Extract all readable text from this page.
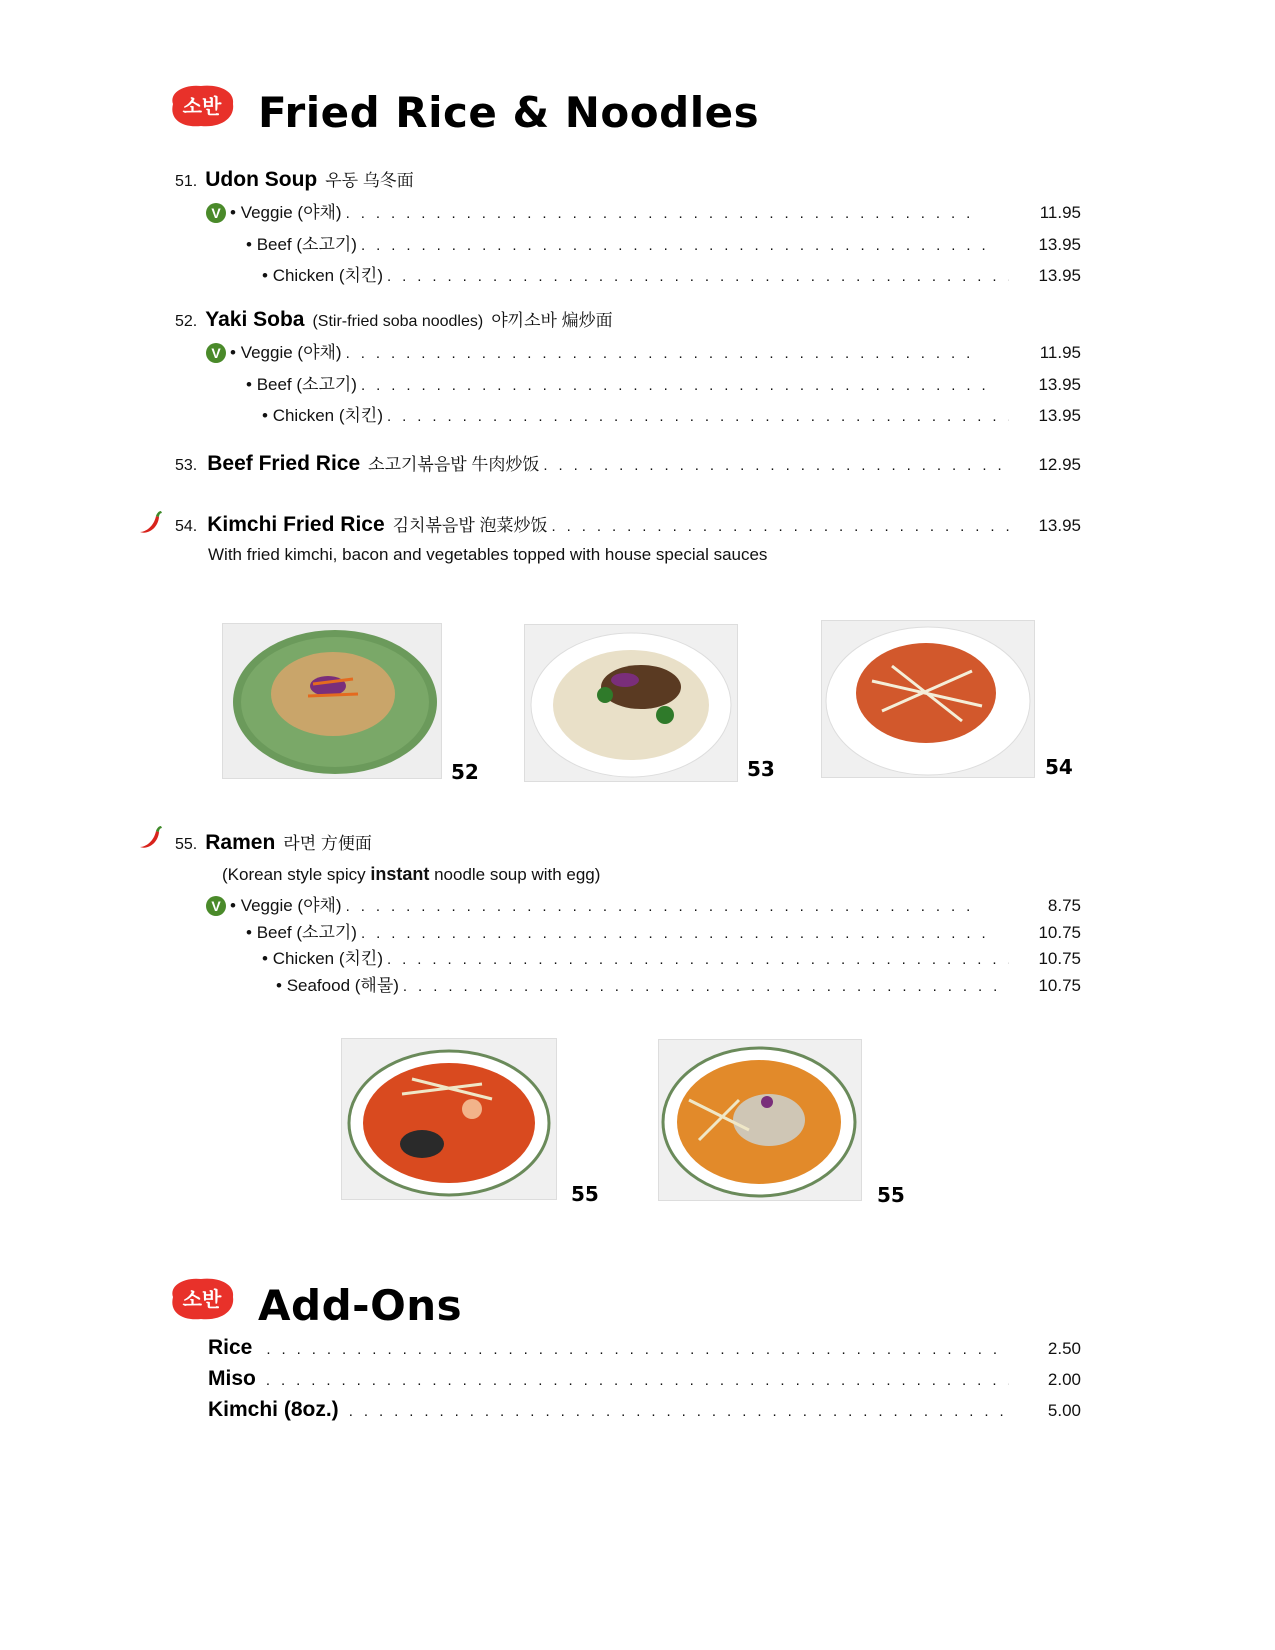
소반 Fried Rice & Noodles
51. Udon Soup 우동 乌冬面
V • Veggie (야채) . . .	11.95
• Beef (소고기) . . .	13.95
• Chicken (치킨) . . .	13.95
52. Yaki Soba (Stir-fried soba noodles) 야끼소바 煸炒面
V • Veggie (야채) . . .	11.95
• Beef (소고기) . . .	13.95
• Chicken (치킨) . . .	13.95
53. Beef Fried Rice 소고기볶음밥 牛肉炒饭 . . .	12.95
54. Kimchi Fried Rice 김치볶음밥 泡菜炒饭 . . .	13.95
With fried kimchi, bacon and vegetables topped with house special sauces
52	53	54
55. Ramen 라면 方便面
(Korean style spicy instant noodle soup with egg)
V • Veggie (야채) . . .	8.75
• Beef (소고기) . . .	10.75
• Chicken (치킨) . . .	10.75
• Seafood (해물) . . .	10.75
55	55
소반 Add-Ons
Rice . . .	2.50
Miso . . .	2.00
Kimchi (8oz.) . . .	5.00
